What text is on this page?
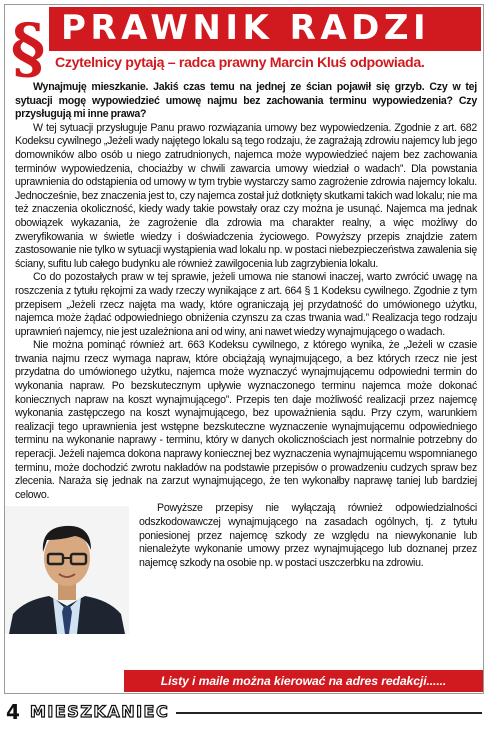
§ PRAWNIK RADZI
Czytelnicy pytają – radca prawny Marcin Kluś odpowiada.

Wynajmuję mieszkanie. Jakiś czas temu na jednej ze ścian pojawił się grzyb. Czy w tej sytuacji mogę wypowiedzieć umowę najmu bez zachowania terminu wypowiedzenia? Czy przysługują mi inne prawa?

W tej sytuacji przysługuje Panu prawo rozwiązania umowy bez wypowiedzenia. Zgodnie z art. 682 Kodeksu cywilnego „Jeżeli wady najętego lokalu są tego rodzaju, że zagrażają zdrowiu najemcy lub jego domowników albo osób u niego zatrudnionych, najemca może wypowiedzieć najem bez zachowania terminów wypowiedzenia, chociażby w chwili zawarcia umowy wiedział o wadach”. Dla powstania uprawnienia do odstąpienia od umowy w tym trybie wystarczy samo zagrożenie zdrowia najemcy lokalu. Jednocześnie, bez znaczenia jest to, czy najemca został już dotknięty skutkami takich wad lokalu; nie ma też znaczenia okoliczność, kiedy wady takie powstały oraz czy można je usunąć. Najemca ma jednak obowiązek wykazania, że zagrożenie dla zdrowia ma charakter realny, a więc możliwy do zweryfikowania w świetle wiedzy i doświadczenia życiowego. Powyższy przepis znajdzie zatem zastosowanie nie tylko w sytuacji wystąpienia wad lokalu np. w postaci niebezpieczeństwa zawalenia się ściany, sufitu lub całego budynku ale również zawilgocenia lub zagrzybienia lokalu.

Co do pozostałych praw w tej sprawie, jeżeli umowa nie stanowi inaczej, warto zwrócić uwagę na roszczenia z tytułu rękojmi za wady rzeczy wynikające z art. 664 § 1 Kodeksu cywilnego. Zgodnie z tym przepisem „Jeżeli rzecz najęta ma wady, które ograniczają jej przydatność do umówionego użytku, najemca może żądać odpowiedniego obniżenia czynszu za czas trwania wad.” Realizacja tego rodzaju uprawnień najemcy, nie jest uzależniona ani od winy, ani nawet wiedzy wynajmującego o wadach.

Nie można pominąć również art. 663 Kodeksu cywilnego, z którego wynika, że „Jeżeli w czasie trwania najmu rzecz wymaga napraw, które obciążają wynajmującego, a bez których rzecz nie jest przydatna do umówionego użytku, najemca może wyznaczyć wynajmującemu odpowiedni termin do wykonania napraw. Po bezskutecznym upływie wyznaczonego terminu najemca może dokonać koniecznych napraw na koszt wynajmującego”. Przepis ten daje możliwość realizacji przez najemcę wykonania zastępczego na koszt wynajmującego, bez upoważnienia sądu. Przy czym, warunkiem realizacji tego uprawnienia jest wstępne bezskuteczne wyznaczenie wynajmującemu odpowiedniego terminu na wykonanie naprawy - terminu, który w danych okolicznościach jest normalnie potrzebny do reperacji. Jeżeli najemca dokona naprawy koniecznej bez wyznaczenia wynajmującemu wspomnianego terminu, może dochodzić zwrotu nakładów na podstawie przepisów o prowadzeniu cudzych spraw bez zlecenia. Naraża się jednak na zarzut wynajmującego, że ten wykonałby naprawę taniej lub bardziej celowo.

Powyższe przepisy nie wyłączają również odpowiedzialności odszkodowawczej wynajmującego na zasadach ogólnych, tj. z tytułu poniesionej przez najemcę szkody ze względu na niewykonanie lub nienależyte wykonanie umowy przez wynajmującego lub doznanej przez najemcę szkody na osobie np. w postaci uszczerbku na zdrowiu.

Listy i maile można kierować na adres redakcji......
4 MIESZKANIEC
